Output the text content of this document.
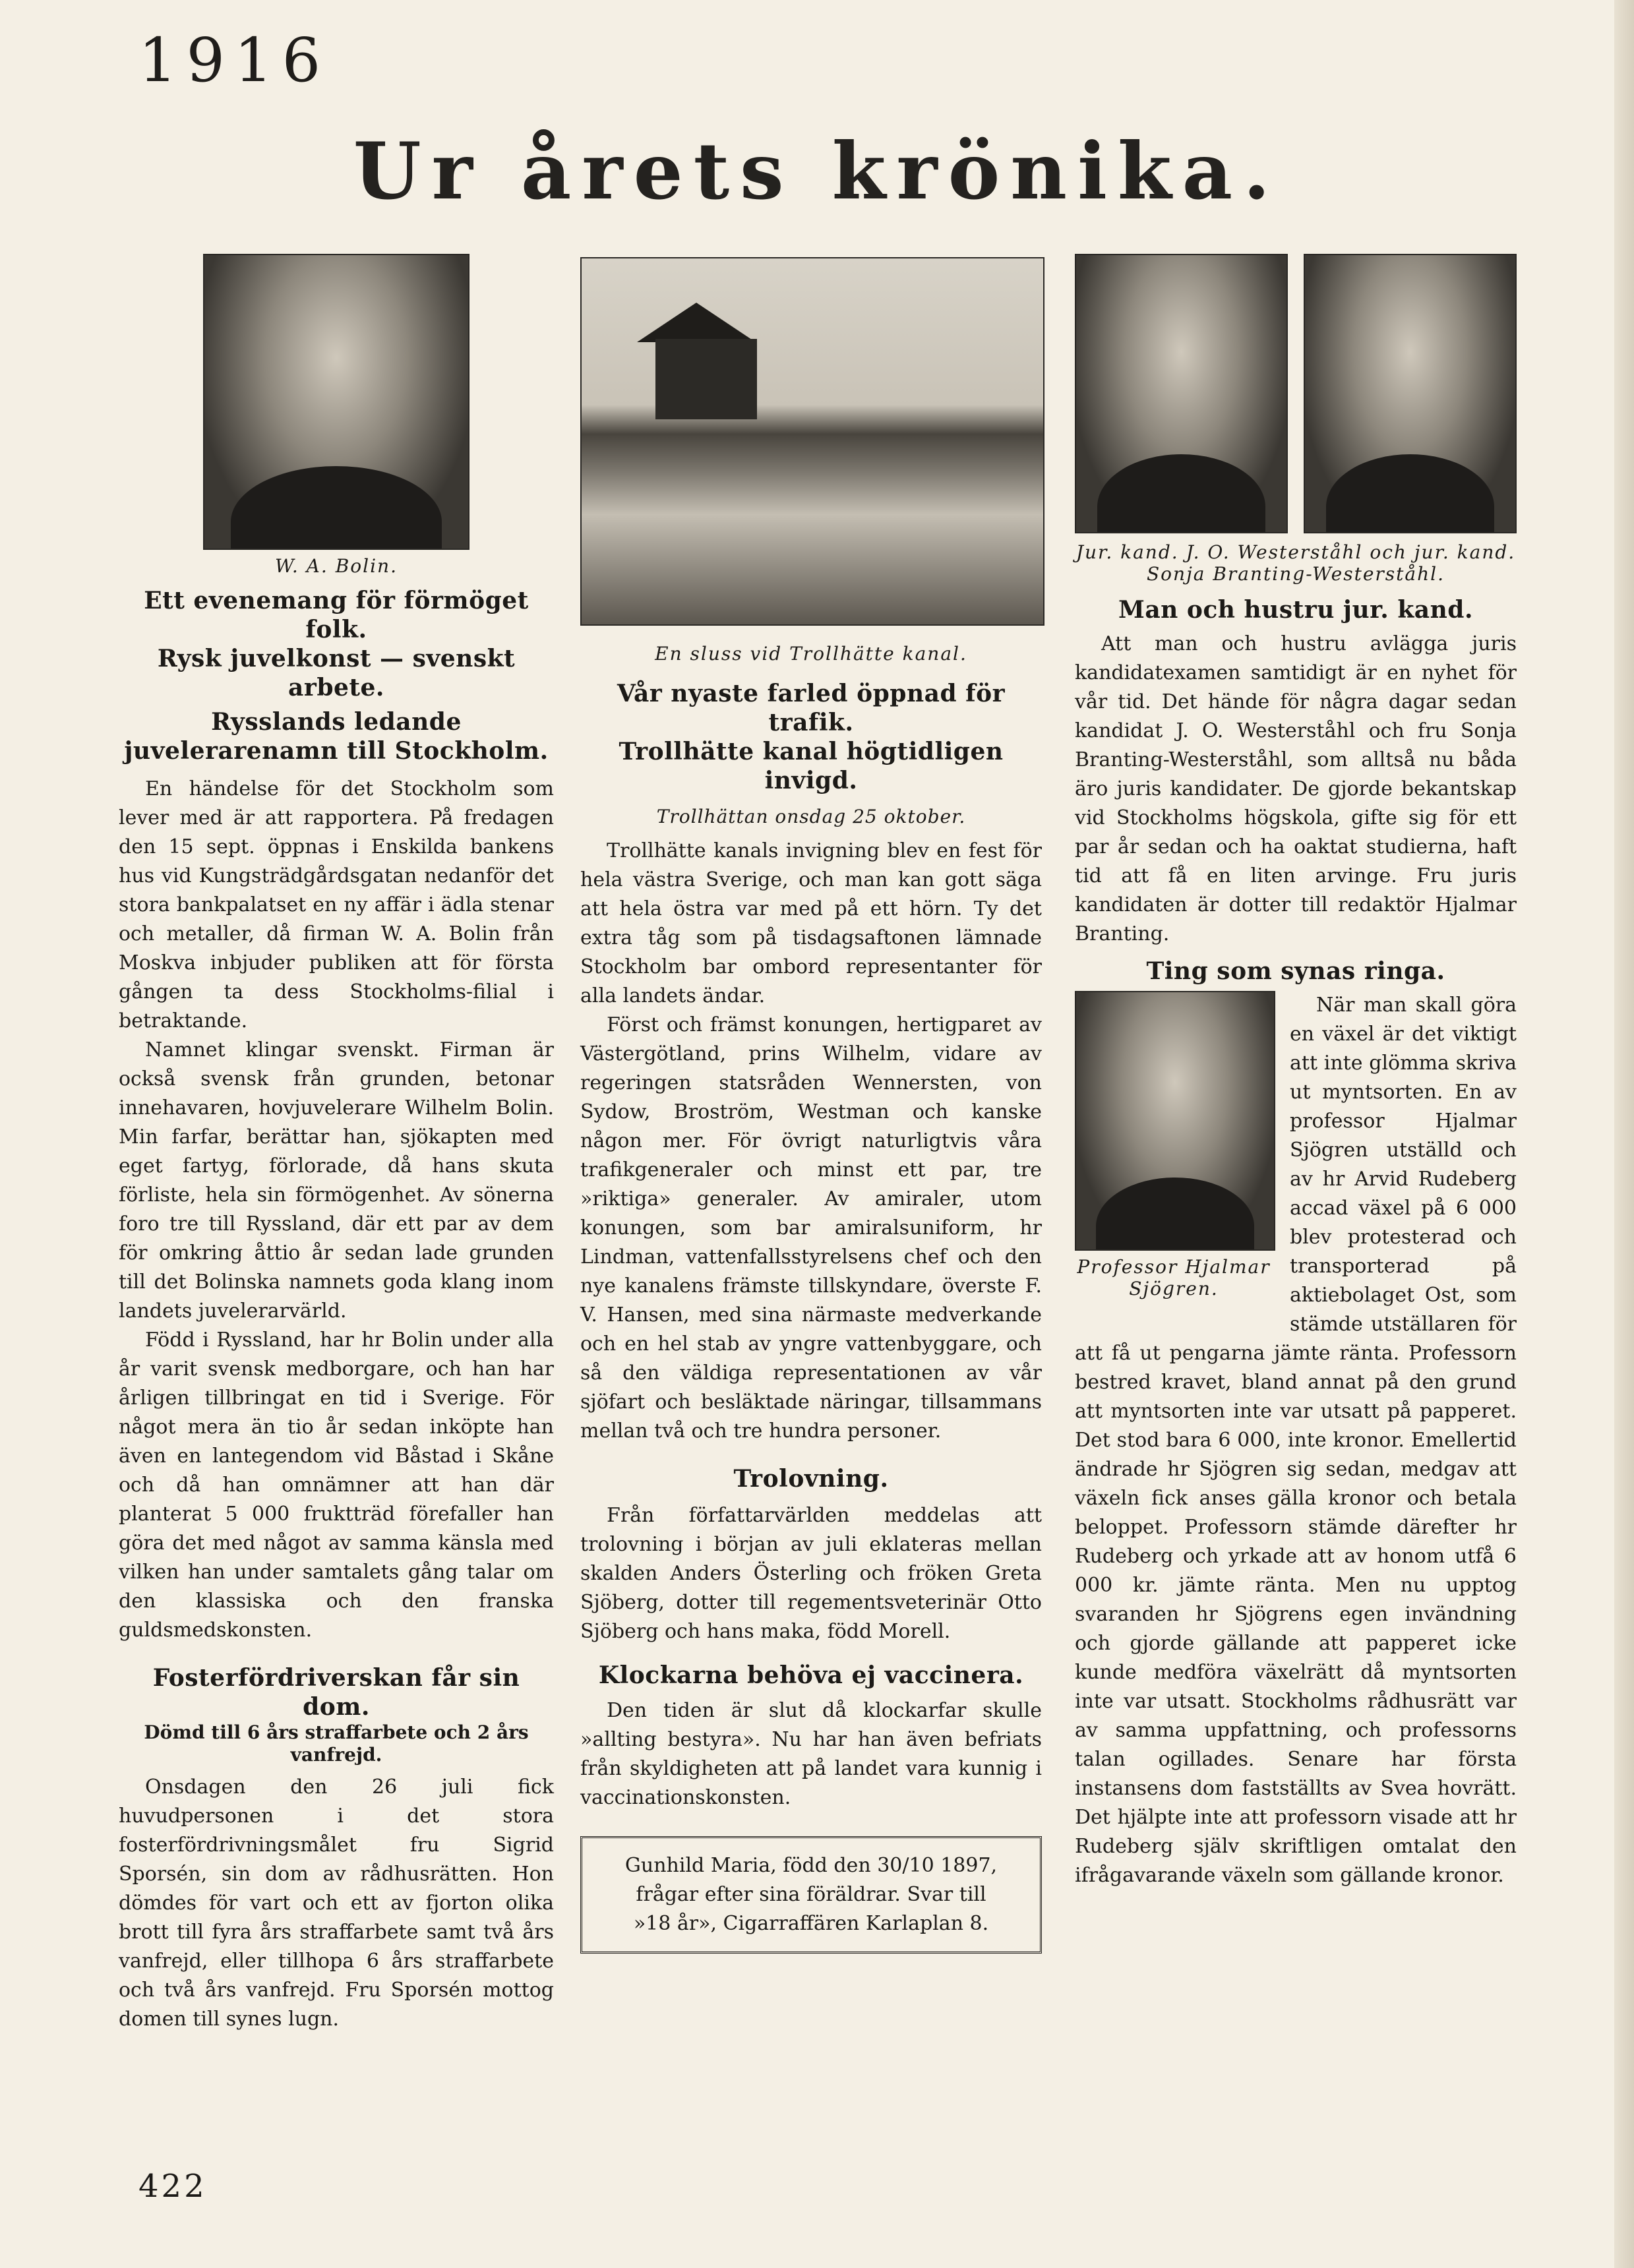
1916
Ur årets krönika.
W. A. Bolin.
Ett evenemang för förmöget folk.
Rysk juvelkonst — svenskt arbete.
Rysslands ledande juvelerarenamn till Stockholm.

En händelse för det Stockholm som lever med är att rapportera. På fredagen den 15 sept. öppnas i Enskilda bankens hus vid Kungsträdgårdsgatan nedanför det stora bankpalatset en ny affär i ädla stenar och metaller, då firman W. A. Bolin från Moskva inbjuder publiken att för första gången ta dess Stockholms-filial i betraktande.

Namnet klingar svenskt. Firman är också svensk från grunden, betonar innehavaren, hovjuvelerare Wilhelm Bolin. Min farfar, berättar han, sjökapten med eget fartyg, förlorade, då hans skuta förliste, hela sin förmögenhet. Av sönerna foro tre till Ryssland, där ett par av dem för omkring åttio år sedan lade grunden till det Bolinska namnets goda klang inom landets juvelerarvärld.

Född i Ryssland, har hr Bolin under alla år varit svensk medborgare, och han har årligen tillbringat en tid i Sverige. För något mera än tio år sedan inköpte han även en lantegendom vid Båstad i Skåne och då han omnämner att han där planterat 5 000 fruktträd förefaller han göra det med något av samma känsla med vilken han under samtalets gång talar om den klassiska och den franska guldsmedskonsten.

Fosterfördriverskan får sin dom.
Dömd till 6 års straffarbete och 2 års vanfrejd.

Onsdagen den 26 juli fick huvudpersonen i det stora fosterfördrivningsmålet fru Sigrid Sporsén, sin dom av rådhusrätten. Hon dömdes för vart och ett av fjorton olika brott till fyra års straffarbete samt två års vanfrejd, eller tillhopa 6 års straffarbete och två års vanfrejd. Fru Sporsén mottog domen till synes lugn.

En sluss vid Trollhätte kanal.
Vår nyaste farled öppnad för trafik.
Trollhätte kanal högtidligen invigd.
Trollhättan onsdag 25 oktober.

Trollhätte kanals invigning blev en fest för hela västra Sverige, och man kan gott säga att hela östra var med på ett hörn. Ty det extra tåg som på tisdagsaftonen lämnade Stockholm bar ombord representanter för alla landets ändar.

Först och främst konungen, hertigparet av Västergötland, prins Wilhelm, vidare av regeringen statsråden Wennersten, von Sydow, Broström, Westman och kanske någon mer. För övrigt naturligtvis våra trafikgeneraler och minst ett par, tre »riktiga» generaler. Av amiraler, utom konungen, som bar amiralsuniform, hr Lindman, vattenfallsstyrelsens chef och den nye kanalens främste tillskyndare, överste F. V. Hansen, med sina närmaste medverkande och en hel stab av yngre vattenbyggare, och så den väldiga representationen av vår sjöfart och besläktade näringar, tillsammans mellan två och tre hundra personer.

Trolovning.

Från författarvärlden meddelas att trolovning i början av juli eklateras mellan skalden Anders Österling och fröken Greta Sjöberg, dotter till regementsveterinär Otto Sjöberg och hans maka, född Morell.

Klockarna behöva ej vaccinera.

Den tiden är slut då klockarfar skulle »allting bestyra». Nu har han även befriats från skyldigheten att på landet vara kunnig i vaccinationskonsten.

Gunhild Maria, född den 30/10 1897,
frågar efter sina föräldrar. Svar till
»18 år», Cigarraffären Karlaplan 8.
Jur. kand. J. O. Westerståhl och jur. kand. Sonja Branting-Westerståhl.
Man och hustru jur. kand.

Att man och hustru avlägga juris kandidatexamen samtidigt är en nyhet för vår tid. Det hände för några dagar sedan kandidat J. O. Westerståhl och fru Sonja Branting-Westerståhl, som alltså nu båda äro juris kandidater. De gjorde bekantskap vid Stockholms högskola, gifte sig för ett par år sedan och ha oaktat studierna, haft tid att få en liten arvinge. Fru juris kandidaten är dotter till redaktör Hjalmar Branting.

Ting som synas ringa.
Professor Hjalmar Sjögren.

När man skall göra en växel är det viktigt att inte glömma skriva ut myntsorten. En av professor Hjalmar Sjögren utställd och av hr Arvid Rudeberg accad växel på 6 000 blev protesterad och transporterad på aktiebolaget Ost, som stämde utställaren för att få ut pengarna jämte ränta. Professorn bestred kravet, bland annat på den grund att myntsorten inte var utsatt på papperet. Det stod bara 6 000, inte kronor. Emellertid ändrade hr Sjögren sig sedan, medgav att växeln fick anses gälla kronor och betala beloppet. Professorn stämde därefter hr Rudeberg och yrkade att av honom utfå 6 000 kr. jämte ränta. Men nu upptog svaranden hr Sjögrens egen invändning och gjorde gällande att papperet icke kunde medföra växelrätt då myntsorten inte var utsatt. Stockholms rådhusrätt var av samma uppfattning, och professorns talan ogillades. Senare har första instansens dom fastställts av Svea hovrätt. Det hjälpte inte att professorn visade att hr Rudeberg själv skriftligen omtalat den ifrågavarande växeln som gällande kronor.

422
